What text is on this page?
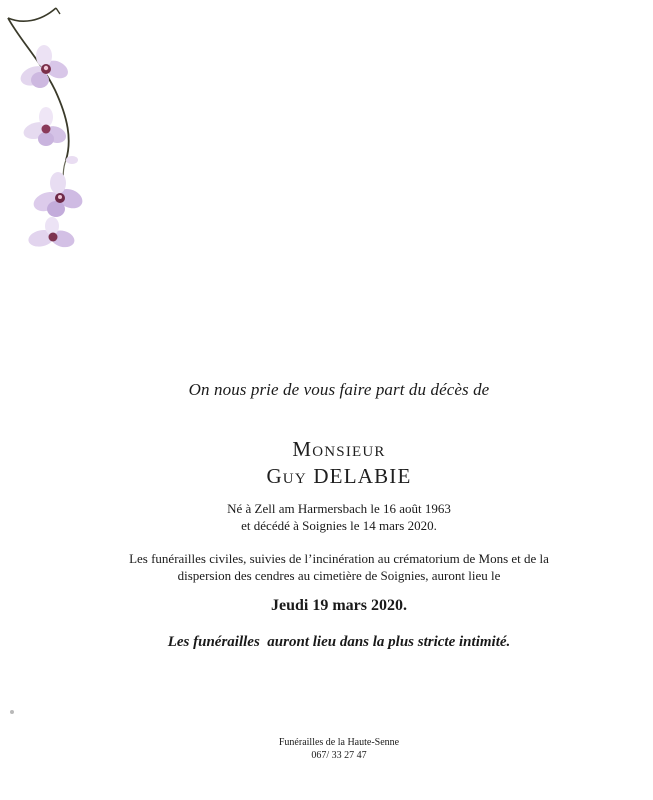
On nous prie de vous faire part du décès de
Monsieur
Guy DELABIE
Né à Zell am Harmersbach le 16 août 1963
et décédé à Soignies le 14 mars 2020.
Les funérailles civiles, suivies de l’incinération au crématorium de Mons et de la
dispersion des cendres au cimetière de Soignies, auront lieu le
Jeudi 19 mars 2020.
Les funérailles  auront lieu dans la plus stricte intimité.
Funérailles de la Haute-Senne
067/ 33 27 47
